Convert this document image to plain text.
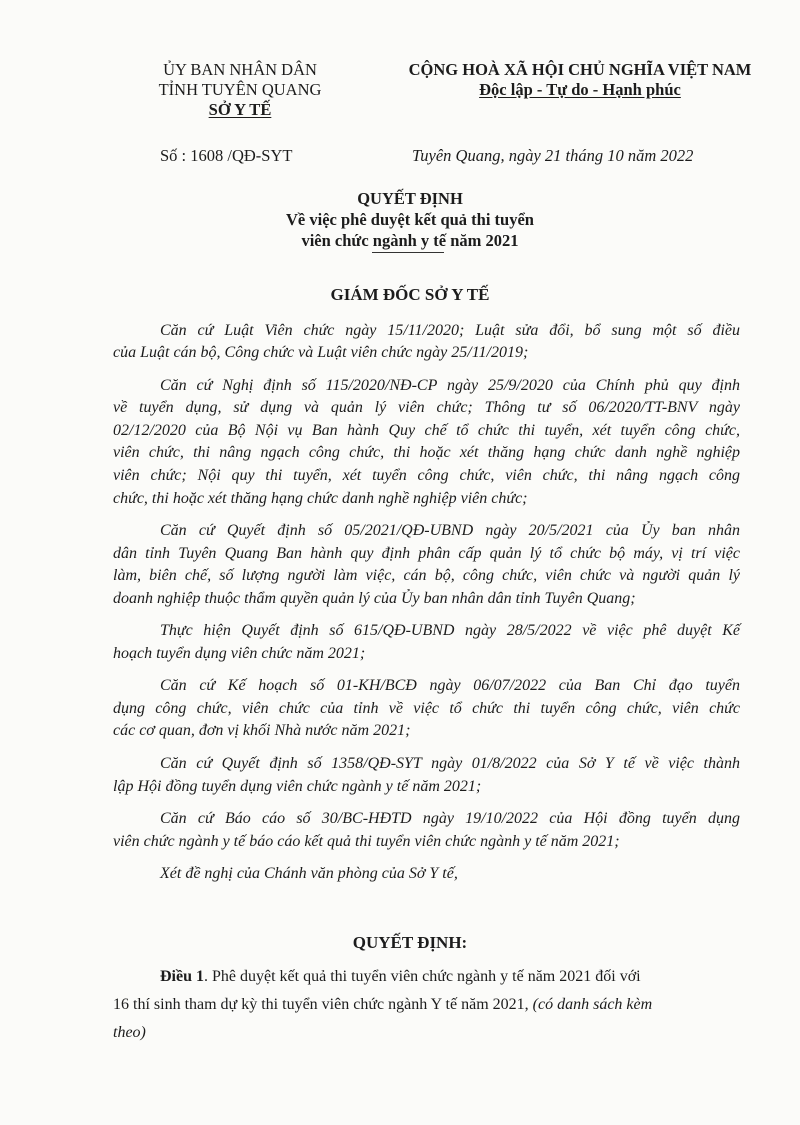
ỦY BAN NHÂN DÂN
TỈNH TUYÊN QUANG
SỞ Y TẾ
Số : 1608 /QĐ-SYT
CỘNG HOÀ XÃ HỘI CHỦ NGHĨA VIỆT NAM
Độc lập - Tự do - Hạnh phúc
Tuyên Quang, ngày 21 tháng 10 năm 2022
QUYẾT ĐỊNH
Về việc phê duyệt kết quả thi tuyển
viên chức ngành y tế năm 2021
GIÁM ĐỐC SỞ Y TẾ
Căn cứ Luật Viên chức ngày 15/11/2020; Luật sửa đổi, bổ sung một số điều
của Luật cán bộ, Công chức và Luật viên chức ngày 25/11/2019;
Căn cứ Nghị định số 115/2020/NĐ-CP ngày 25/9/2020 của Chính phủ quy định
về tuyển dụng, sử dụng và quản lý viên chức; Thông tư số 06/2020/TT-BNV ngày
02/12/2020 của Bộ Nội vụ Ban hành Quy chế tổ chức thi tuyển, xét tuyển công chức,
viên chức, thi nâng ngạch công chức, thi hoặc xét thăng hạng chức danh nghề nghiệp
viên chức; Nội quy thi tuyển, xét tuyển công chức, viên chức, thi nâng ngạch công
chức, thi hoặc xét thăng hạng chức danh nghề nghiệp viên chức;
Căn cứ Quyết định số 05/2021/QĐ-UBND ngày 20/5/2021 của Ủy ban nhân
dân tỉnh Tuyên Quang Ban hành quy định phân cấp quản lý tổ chức bộ máy, vị trí việc
làm, biên chế, số lượng người làm việc, cán bộ, công chức, viên chức và người quản lý
doanh nghiệp thuộc thẩm quyền quản lý của Ủy ban nhân dân tỉnh Tuyên Quang;
Thực hiện Quyết định số 615/QĐ-UBND ngày 28/5/2022 về việc phê duyệt Kế
hoạch tuyển dụng viên chức năm 2021;
Căn cứ Kế hoạch số 01-KH/BCĐ ngày 06/07/2022 của Ban Chỉ đạo tuyển
dụng công chức, viên chức của tỉnh về việc tổ chức thi tuyển công chức, viên chức
các cơ quan, đơn vị khối Nhà nước năm 2021;
Căn cứ Quyết định số 1358/QĐ-SYT ngày 01/8/2022 của Sở Y tế về việc thành
lập Hội đồng tuyển dụng viên chức ngành y tế năm 2021;
Căn cứ Báo cáo số 30/BC-HĐTD ngày 19/10/2022 của Hội đồng tuyển dụng
viên chức ngành y tế báo cáo kết quả thi tuyển viên chức ngành y tế năm 2021;
Xét đề nghị của Chánh văn phòng của Sở Y tế,
QUYẾT ĐỊNH:
Điều 1. Phê duyệt kết quả thi tuyển viên chức ngành y tế năm 2021 đối với
16 thí sinh tham dự kỳ thi tuyển viên chức ngành Y tế năm 2021, (có danh sách kèm
theo)
